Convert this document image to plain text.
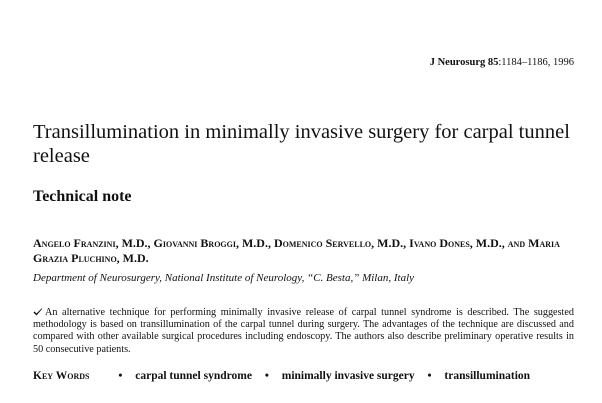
J Neurosurg 85:1184–1186, 1996
Transillumination in minimally invasive surgery for carpal tunnel release
Technical note

Angelo Franzini, M.D., Giovanni Broggi, M.D., Domenico Servello, M.D., Ivano Dones, M.D., and Maria Grazia Pluchino, M.D.

Department of Neurosurgery, National Institute of Neurology, “C. Besta,” Milan, Italy

An alternative technique for performing minimally invasive release of carpal tunnel syndrome is described. The suggested methodology is based on transillumination of the carpal tunnel during surgery. The advantages of the technique are discussed and compared with other available surgical procedures including endoscopy. The authors also describe preliminary operative results in 50 consecutive patients.

Key Words	• carpal tunnel syndrome • minimally invasive surgery • transillumination
